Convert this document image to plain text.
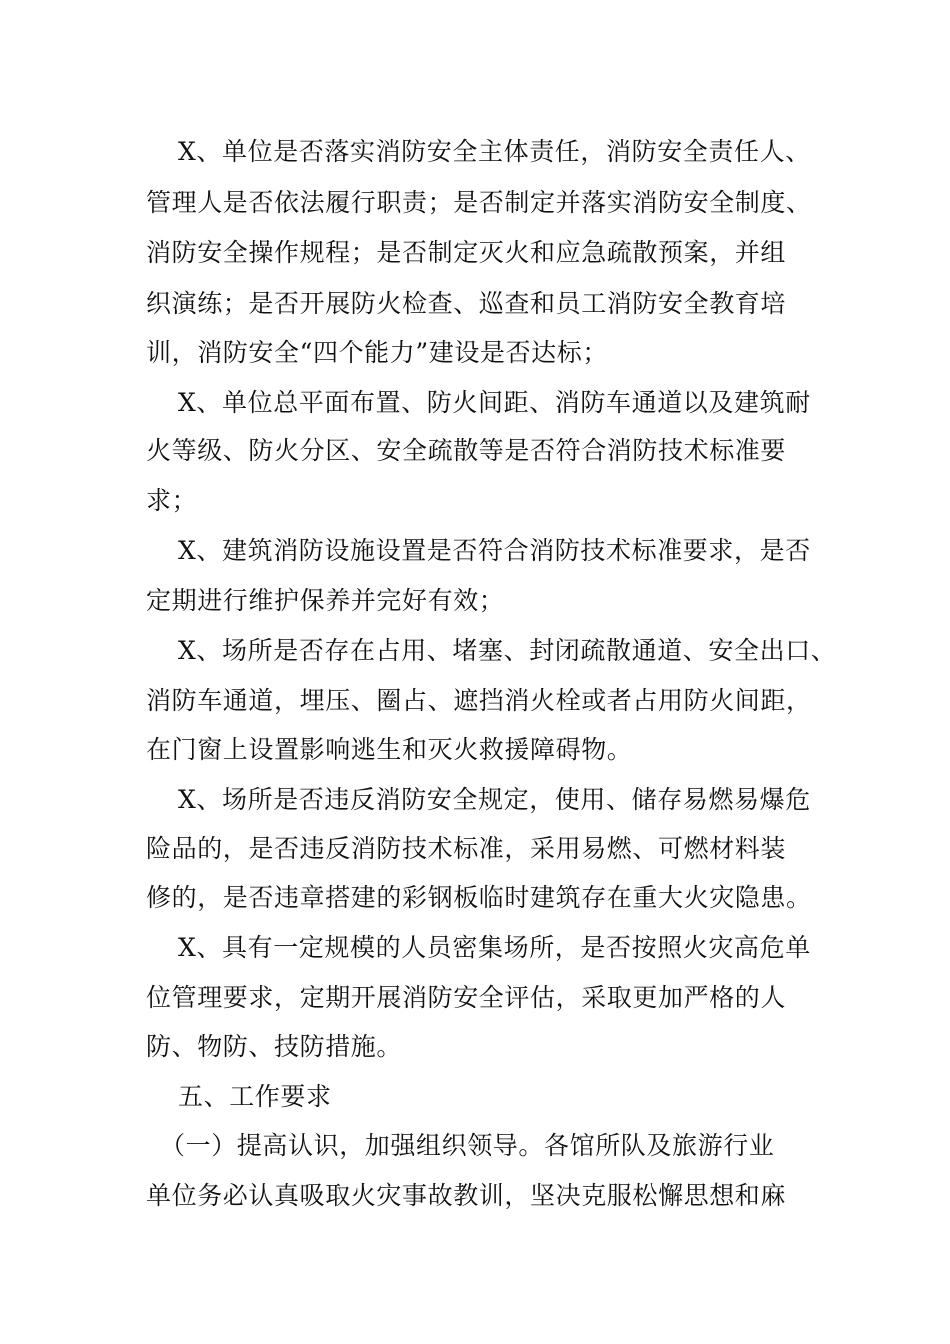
X、单位是否落实消防安全主体责任，消防安全责任人、
管理人是否依法履行职责；是否制定并落实消防安全制度、
消防安全操作规程；是否制定灭火和应急疏散预案，并组
织演练；是否开展防火检查、巡查和员工消防安全教育培
训，消防安全“四个能力”建设是否达标；
X、单位总平面布置、防火间距、消防车通道以及建筑耐
火等级、防火分区、安全疏散等是否符合消防技术标准要
求；
X、建筑消防设施设置是否符合消防技术标准要求，是否
定期进行维护保养并完好有效；
X、场所是否存在占用、堵塞、封闭疏散通道、安全出口、
消防车通道，埋压、圈占、遮挡消火栓或者占用防火间距，
在门窗上设置影响逃生和灭火救援障碍物。
X、场所是否违反消防安全规定，使用、储存易燃易爆危
险品的，是否违反消防技术标准，采用易燃、可燃材料装
修的，是否违章搭建的彩钢板临时建筑存在重大火灾隐患。
X、具有一定规模的人员密集场所，是否按照火灾高危单
位管理要求，定期开展消防安全评估，采取更加严格的人
防、物防、技防措施。
五、工作要求
（一）提高认识，加强组织领导。各馆所队及旅游行业
单位务必认真吸取火灾事故教训，坚决克服松懈思想和麻
